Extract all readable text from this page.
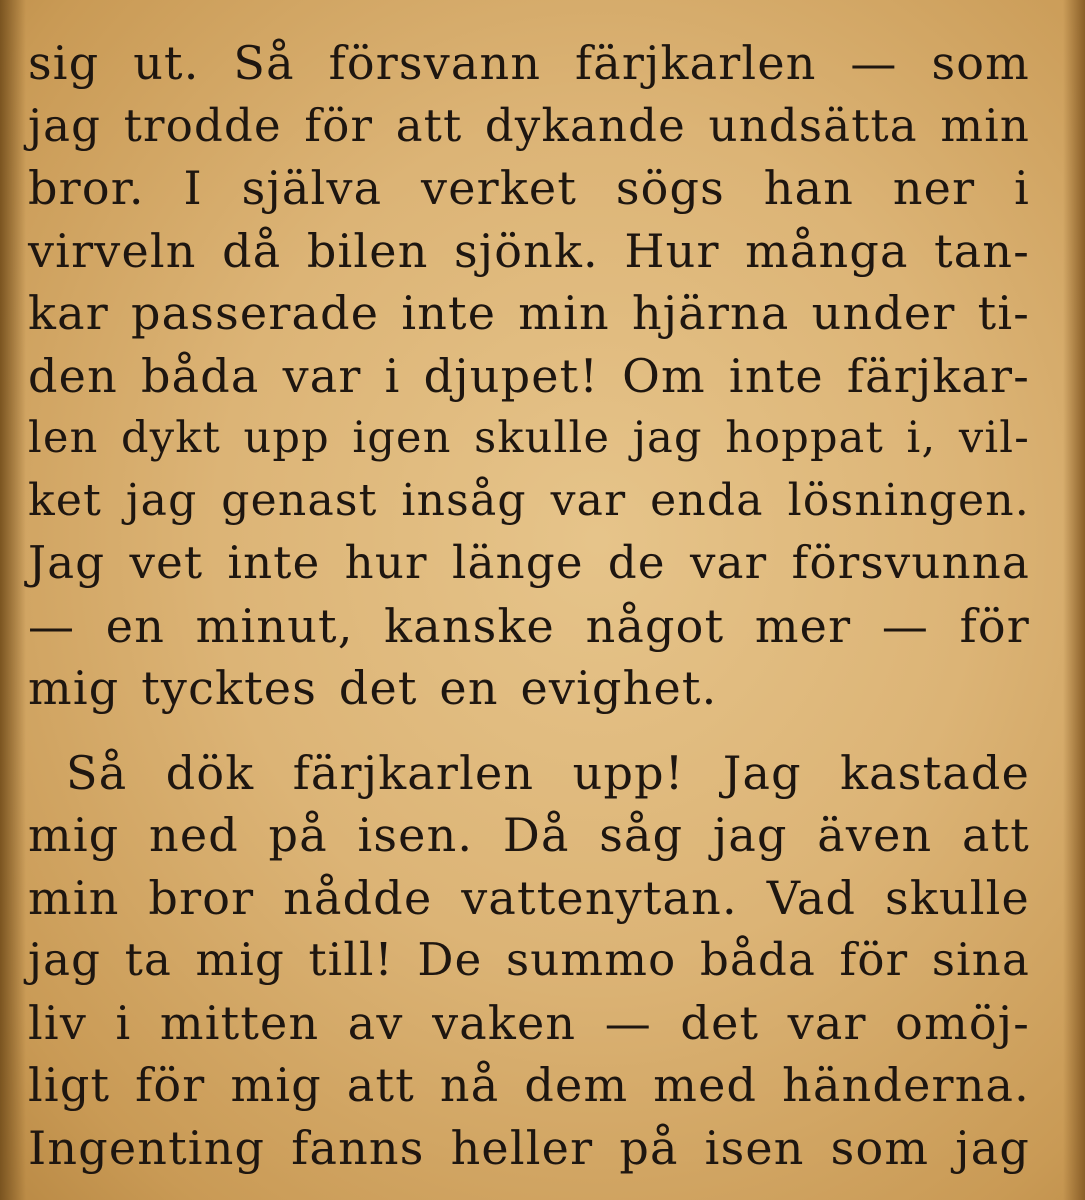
sig ut. Så försvann färjkarlen — som
jag trodde för att dykande undsätta min
bror. I själva verket sögs han ner i
virveln då bilen sjönk. Hur många tan-
kar passerade inte min hjärna under ti-
den båda var i djupet! Om inte färjkar-
len dykt upp igen skulle jag hoppat i, vil-
ket jag genast insåg var enda lösningen.
Jag vet inte hur länge de var försvunna
— en minut, kanske något mer — för
mig tycktes det en evighet.
Så dök färjkarlen upp! Jag kastade
mig ned på isen. Då såg jag även att
min bror nådde vattenytan. Vad skulle
jag ta mig till! De summo båda för sina
liv i mitten av vaken — det var omöj-
ligt för mig att nå dem med händerna.
Ingenting fanns heller på isen som jag
